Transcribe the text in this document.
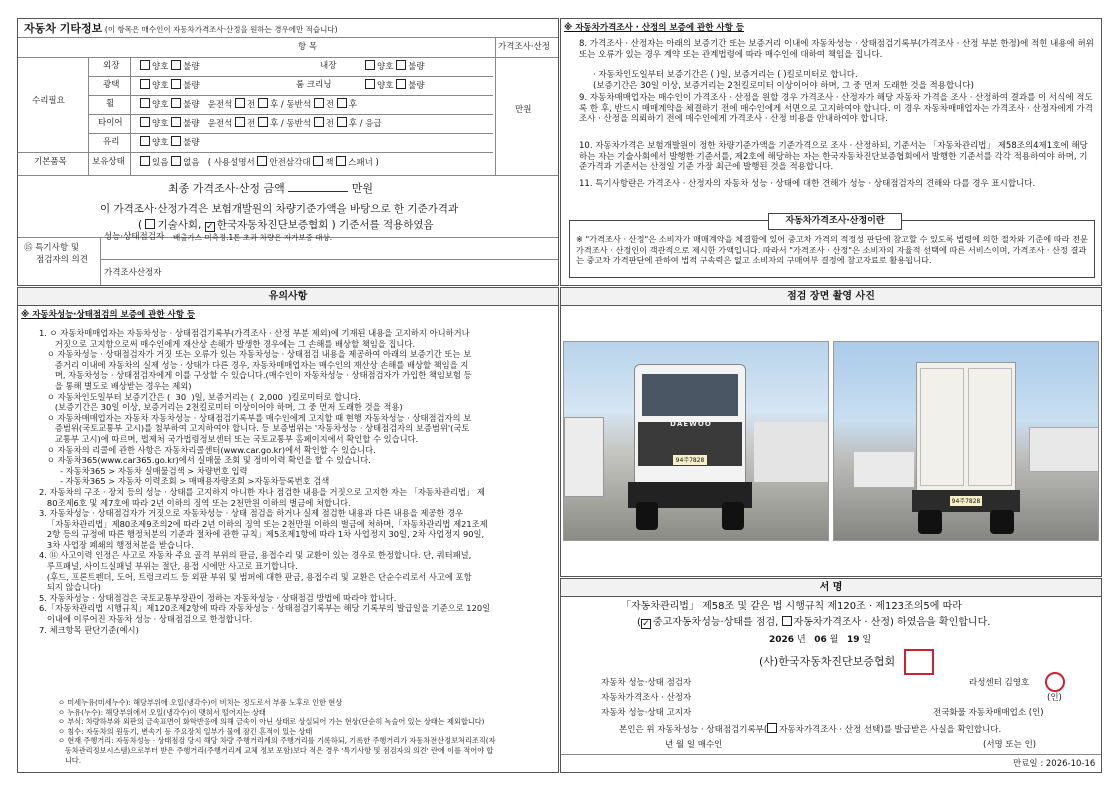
자동차 기타정보 (이 항목은 매수인이 자동차가격조사·산정을 원하는 경우에만 적습니다)
항 목	가격조사·산정
수리필요
만원
외장	양호 불량	내장	양호 불량
광택	양호 불량	룸 크리닝	양호 불량
휠	양호 불량 운전석 전 후 / 동반석 전 후
타이어	양호 불량 운전석 전 후 / 동반석 전 후 / 응급
유리	양호 불량
기본품목	보유상태	있음 없음 ( 사용설명서 안전삼각대 잭 스패너 )
최종 가격조사·산정 금액	만원
이 가격조사·산정가격은 보험개발원의 차량기준가액을 바탕으로 한 기준가격과
( 기술사회, ✓ 한국자동차진단보증협회 ) 기준서를 적용하였음
⑮ 특기사항 및
점검자의 의견
성능·상태점검자 배출가스 미측정.1톤 초과 차량은 자가보증 대상.
가격조사산정자
※ 자동차가격조사 · 산정의 보증에 관한 사항 등
8. 가격조사 · 산정자는 아래의 보증기간 또는 보증거리 이내에 자동차성능 · 상태점검기록부(가격조사 · 산정 부분 한정)에 적힌 내용에 허위 또는 오류가 있는 경우 계약 또는 관계법령에 따라 매수인에 대하여 책임을 집니다.
· 자동차인도일부터 보증기간은 ( )일, 보증거리는 ( )킬로미터로 합니다.
(보증기간은 30일 이상, 보증거리는 2천킬로미터 이상이어야 하며, 그 중 먼저 도래한 것을 적용합니다)
9. 자동차매매업자는 매수인이 가격조사 · 산정을 원할 경우 가격조사 · 산정자가 해당 자동차 가격을 조사 · 산정하여 결과를 이 서식에 적도록 한 후, 반드시 매매계약을 체결하기 전에 매수인에게 서면으로 고지하여야 합니다. 이 경우 자동차매매업자는 가격조사 · 산정자에게 가격조사 · 산정을 의뢰하기 전에 매수인에게 가격조사 · 산정 비용을 안내하여야 합니다.
10. 자동차가격은 보험개발원이 정한 차량기준가액을 기준가격으로 조사 · 산정하되, 기준서는 「자동차관리법」 제58조의4제1호에 해당하는 자는 기술사회에서 발행한 기준서를, 제2호에 해당하는 자는 한국자동차진단보증협회에서 발행한 기준서를 각각 적용하여야 하며, 기준가격과 기준서는 산정일 기준 가장 최근에 발행된 것을 적용합니다.
11. 특기사항란은 가격조사 · 산정자의 자동차 성능 · 상태에 대한 견해가 성능 · 상태점검자의 견해와 다를 경우 표시합니다.
자동차가격조사·산정이란
※ "가격조사 · 산정"은 소비자가 매매계약을 체결함에 있어 중고차 가격의 적정성 판단에 참고할 수 있도록 법령에 의한 절차와 기준에 따라 전문 가격조사 · 산정인이 객관적으로 제시한 가액입니다. 따라서 "가격조사 · 산정"은 소비자의 자율적 선택에 따른 서비스이며, 가격조사 · 산정 결과는 중고차 가격판단에 관하여 법적 구속력은 없고 소비자의 구매여부 결정에 참고자료로 활용됩니다.
유의사항
※ 자동차성능·상태점검의 보증에 관한 사항 등
1. ㅇ 자동차매매업자는 자동차성능 · 상태점검기록부(가격조사 · 산정 부분 제외)에 기재된 내용을 고지하지 아니하거나
거짓으로 고지함으로써 매수인에게 재산상 손해가 발생한 경우에는 그 손해를 배상할 책임을 집니다.
ㅇ 자동차성능 · 상태점검자가 거짓 또는 오류가 있는 자동차성능 · 상태점검 내용을 제공하여 아래의 보증기간 또는 보
증거리 이내에 자동차의 실제 성능 · 상태가 다른 경우, 자동차매매업자는 매수인의 재산상 손해를 배상할 책임을 지
며, 자동차성능 · 상태점검자에게 이를 구상할 수 있습니다.(매수인이 자동차성능 · 상태점검자가 가입한 책임보험 등
을 통해 별도로 배상받는 경우는 제외)
ㅇ 자동차인도일부터 보증기간은 (  30  )일, 보증거리는 (  2,000  )킬로미터로 합니다.
(보증기간은 30일 이상, 보증거리는 2천킬로미터 이상이어야 하며, 그 중 먼저 도래한 것을 적용)
ㅇ 자동차매매업자는 자동차 자동차성능 · 상태점검기록부를 매수인에게 고지할 때 현행 자동차성능 · 상태점검자의 보
증범위(국토교통부 고시)를 첨부하여 고지하여야 합니다. 등 보증범위는 '자동차성능 · 상태점검자의 보증범위'(국토
교통부 고시)에 따르며, 법제처 국가법령정보센터 또는 국토교통부 홈페이지에서 확인할 수 있습니다.
ㅇ 자동차의 리콜에 관한 사항은 자동차리콜센터(www.car.go.kr)에서 확인할 수 있습니다.
ㅇ 자동차365(www.car365.go.kr)에서 실매물 조회 및 정비이력 확인을 할 수 있습니다.
- 자동차365 > 자동차 실매물검색 > 차량번호 입력
- 자동차365 > 자동차 이력조회 > 매매용자량조회 >자동차등록번호 검색
2. 자동차의 구조 · 장치 등의 성능 · 상태를 고지하지 아니한 자나 점검한 내용을 거짓으로 고지한 자는 「자동차관리법」 제
80조제6호 및 제7호에 따라 2년 이하의 징역 또는 2천만원 이하의 벌금에 처합니다.
3. 자동차성능 · 상태점검자가 거짓으로 자동차성능 · 상태 점검을 하거나 실제 점검한 내용과 다른 내용을 제공한 경우
「자동차관리법」제80조제9조의2에 따라 2년 이하의 징역 또는 2천만원 이하의 벌금에 처하며,「자동차관리법 제21조제
2항 등의 규정에 따른 행정처분의 기준과 절차에 관한 규칙」제5조제1항에 따라 1차 사업정지 30일, 2차 사업정지 90일,
3차 사업장 폐쇄의 행정처분을 받습니다.
4. ⑪ 사고이력 인정은 사고로 자동차 주요 골격 부위의 판금, 용접수리 및 교환이 있는 경우로 한정합니다. 단, 쿼터패널,
루프패널, 사이드실패널 부위는 절단, 용접 시에만 사고로 표기합니다.
(후드, 프론트펜더, 도어, 트렁크리드 등 외판 부위 및 범퍼에 대한 판금, 용접수리 및 교환은 단순수리로서 사고에 포함
되지 않습니다)
5. 자동차성능 · 상태점검은 국토교통부장관이 정하는 자동차성능 · 상태점검 방법에 따라야 합니다.
6.「자동차관리법 시행규칙」제120조제2항에 따라 자동차성능 · 상태점검기록부는 해당 기록부의 발급일을 기준으로 120일
이내에 이루어진 자동차 성능 · 상태점검으로 한정합니다.
7. 체크항목 판단기준(예시)
ㅇ 미세누유(미세누수): 해당부위에 오일(냉각수)이 비치는 정도로서 부품 노후로 인한 현상
ㅇ 누유(누수): 해당부위에서 오일(냉각수)이 맺혀서 떨어지는 상태
ㅇ 부식: 차량하부와 외판의 금속표면이 화학반응에 의해 금속이 아닌 상태로 상실되어 가는 현상(단순히 녹슬어 있는 상태는 제외합니다)
ㅇ 침수: 자동차의 원동기, 변속기 등 주요장치 일부가 물에 잠긴 흔적이 있는 상태
ㅇ 현재 주행거리: 자동차성능 · 상태점검 당시 해당 차량 주행거리계의 주행거리를 기록하되, 기록한 주행거리가 자동차전산정보처리조직(자
동차관리정보시스템)으로부터 받은 주행거리(주행거리계 교체 정보 포함)보다 적은 경우 '특기사항 및 점검자의 의견' 란에 이를 적어야 합
니다.
점검 장면 촬영 사진
DAEWOO
94주7828
94주7828
서 명
「자동차관리법」 제58조 및 같은 법 시행규칙 제120조 · 제123조의5에 따라
(✓ 중고자동차성능·상태를 점검, 자동차가격조사 · 산정) 하였음을 확인합니다.
2026 년 06 월 19 일
(사)한국자동차진단보증협회
자동차 성능·상태 점검자	라성센터 김영호
자동차가격조사 · 산정자	(인)
자동차 성능·상태 고지자	전국화물 자동차매매업소 (인)
본인은 위 자동차성능 · 상태점검기록부( 자동차가격조사 · 산정 선택)를 발급받은 사실을 확인합니다.
년 월 일 매수인	(서명 또는 인)
만료일 : 2026-10-16
